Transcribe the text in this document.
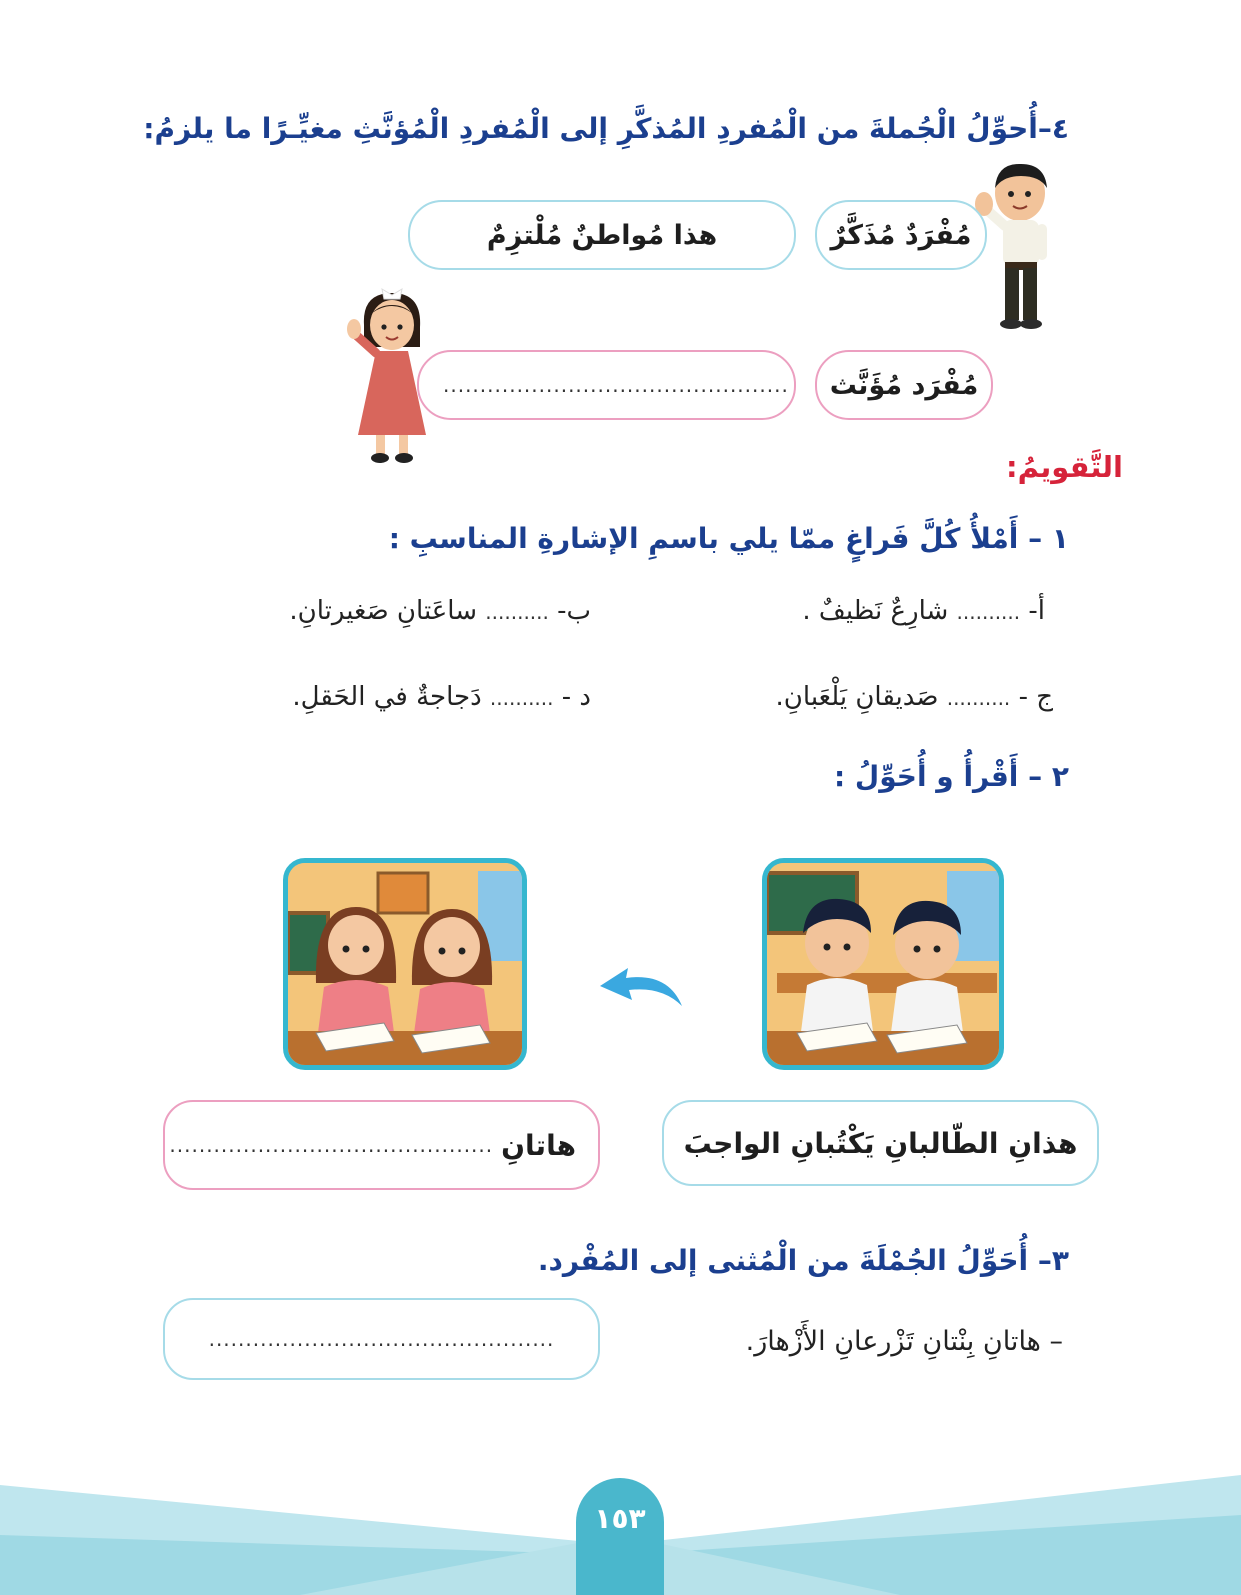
٤–أُحوِّلُ الْجُملةَ من الْمُفردِ المُذكَّرِ إلى الْمُفردِ الْمُؤنَّثِ مغيِّـرًا ما يلزمُ:
مُفْرَدٌ مُذَكَّرٌ
هذا مُواطنٌ مُلْتزِمٌ
مُفْرَد مُؤَنَّث
...............................................
التَّقويمُ:
١ – أَمْلأُ كُلَّ فَراغٍ ممّا يلي باسمِ الإشارةِ المناسبِ :
أ- .......... شارِعٌ نَظيفٌ .
ب- .......... ساعَتانِ صَغيرتانِ.
ج - .......... صَديقانِ يَلْعَبانِ.
د - .......... دَجاجةٌ في الحَقلِ.
٢ – أَقْرأُ و أُحَوِّلُ :
هذانِ الطّالبانِ يَكْتُبانِ الواجبَ
هاتانِ
............................................
٣– أُحَوِّلُ الجُمْلَةَ من الْمُثنى إلى المُفْرد.
– هاتانِ بِنْتانِ تَزْرعانِ الأَزْهارَ.
...............................................
١٥٣
